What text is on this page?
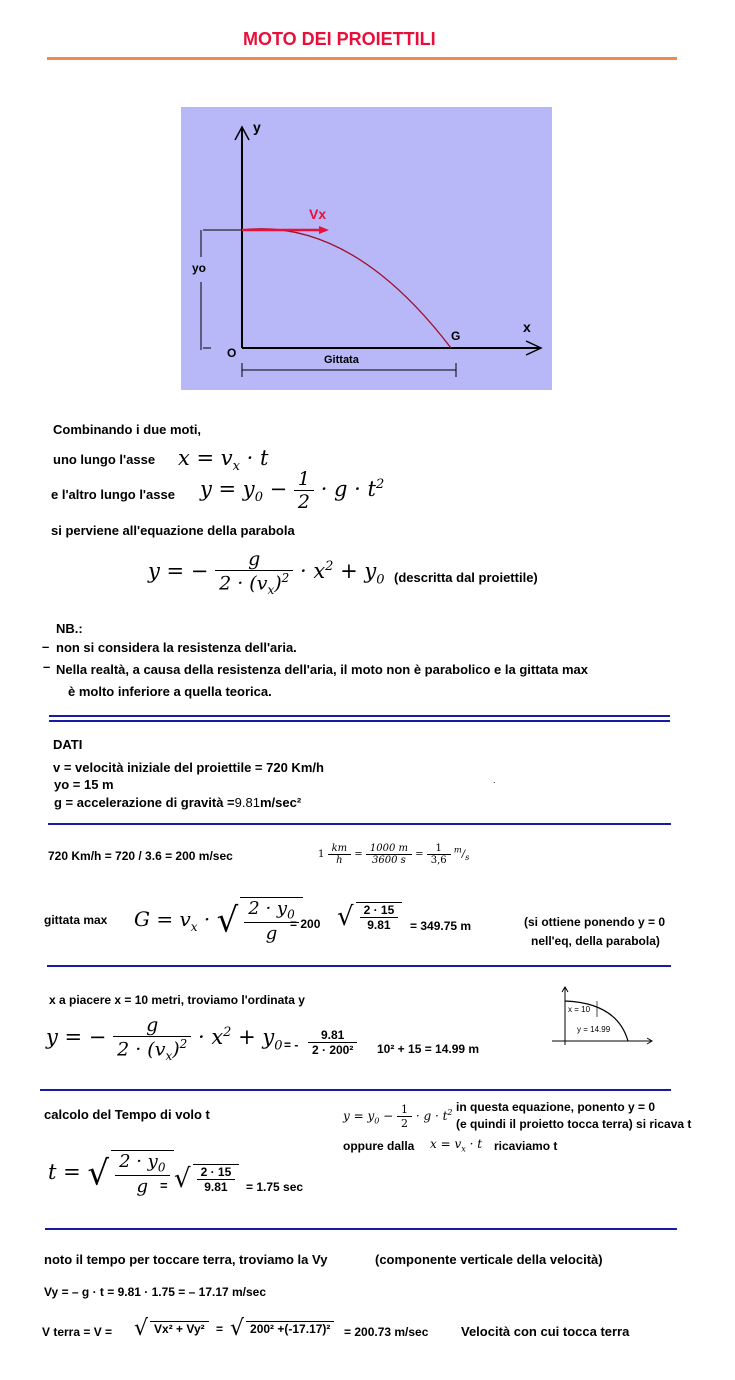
MOTO DEI PROIETTILI
y
x
Vx
yo
O
G
Gittata
Combinando i due moti,
uno lungo l'asse $x = v_x \cdot t$
e l'altro lungo l'asse $y = y_0 - \frac{1}{2} \cdot g \cdot t^2$
si perviene all'equazione della parabola
y = − $\frac{g}{2 \cdot (v_x)^2} \cdot x^2 + y_0$ (descritta dal proiettile)
NB.:
– non si considera la resistenza dell'aria.
– Nella realtà, a causa della resistenza dell'aria, il moto non è parabolico e la gittata max
è molto inferiore a quella teorica.
DATI
v = velocità iniziale del proiettile = 720 Km/h
yo = 15 m
g = accelerazione di gravità =9.81m/sec²
.
720 Km/h = 720 / 3.6 = 200 m/sec	$1 \frac{km}{h} = \frac{1000 m}{3600 s} = \frac{1}{3,6} ^m/_s$
gittata $\max G = v_x$ · √ $\frac{2 \cdot y_0}{g}$
= 200 √ $\frac{2 \cdot 15}{9.81} = 349.75$ m	(si ottiene ponendo y = 0
nell'eq, della parabola)
x a piacere x = 10 metri, troviamo l'ordinata y
y = − $\frac{g}{2 \cdot (v_x)^2} \cdot x^2 + y_0$ = - $\frac{9.81}{\text{2 · 200²}} 10^2 + 15 = 14.99$ m
x = 10
y = 14.99
calcolo del Tempo di volo t	$y = y_0 - \frac{1}{2} \cdot g \cdot t^2$ in questa equazione, ponento y = 0
(e quindi il proietto tocca terra) si ricava t
oppure dalla $x = v_x \cdot t$ ricaviamo t
t = √ $\frac{2 \cdot y_0}{g}$
= √ $\frac{2 \cdot 15}{9.81} = 1.75$ sec
noto il tempo per toccare terra, troviamo la Vy	(componente verticale della velocità)
Vy = – g · t = 9.81 · 1.75 = – 17.17 m/sec
V terra = V = √ Vx² + Vy² = √ 200² +(-17.17)²	= 200.73 m/sec	Velocità con cui tocca terra
